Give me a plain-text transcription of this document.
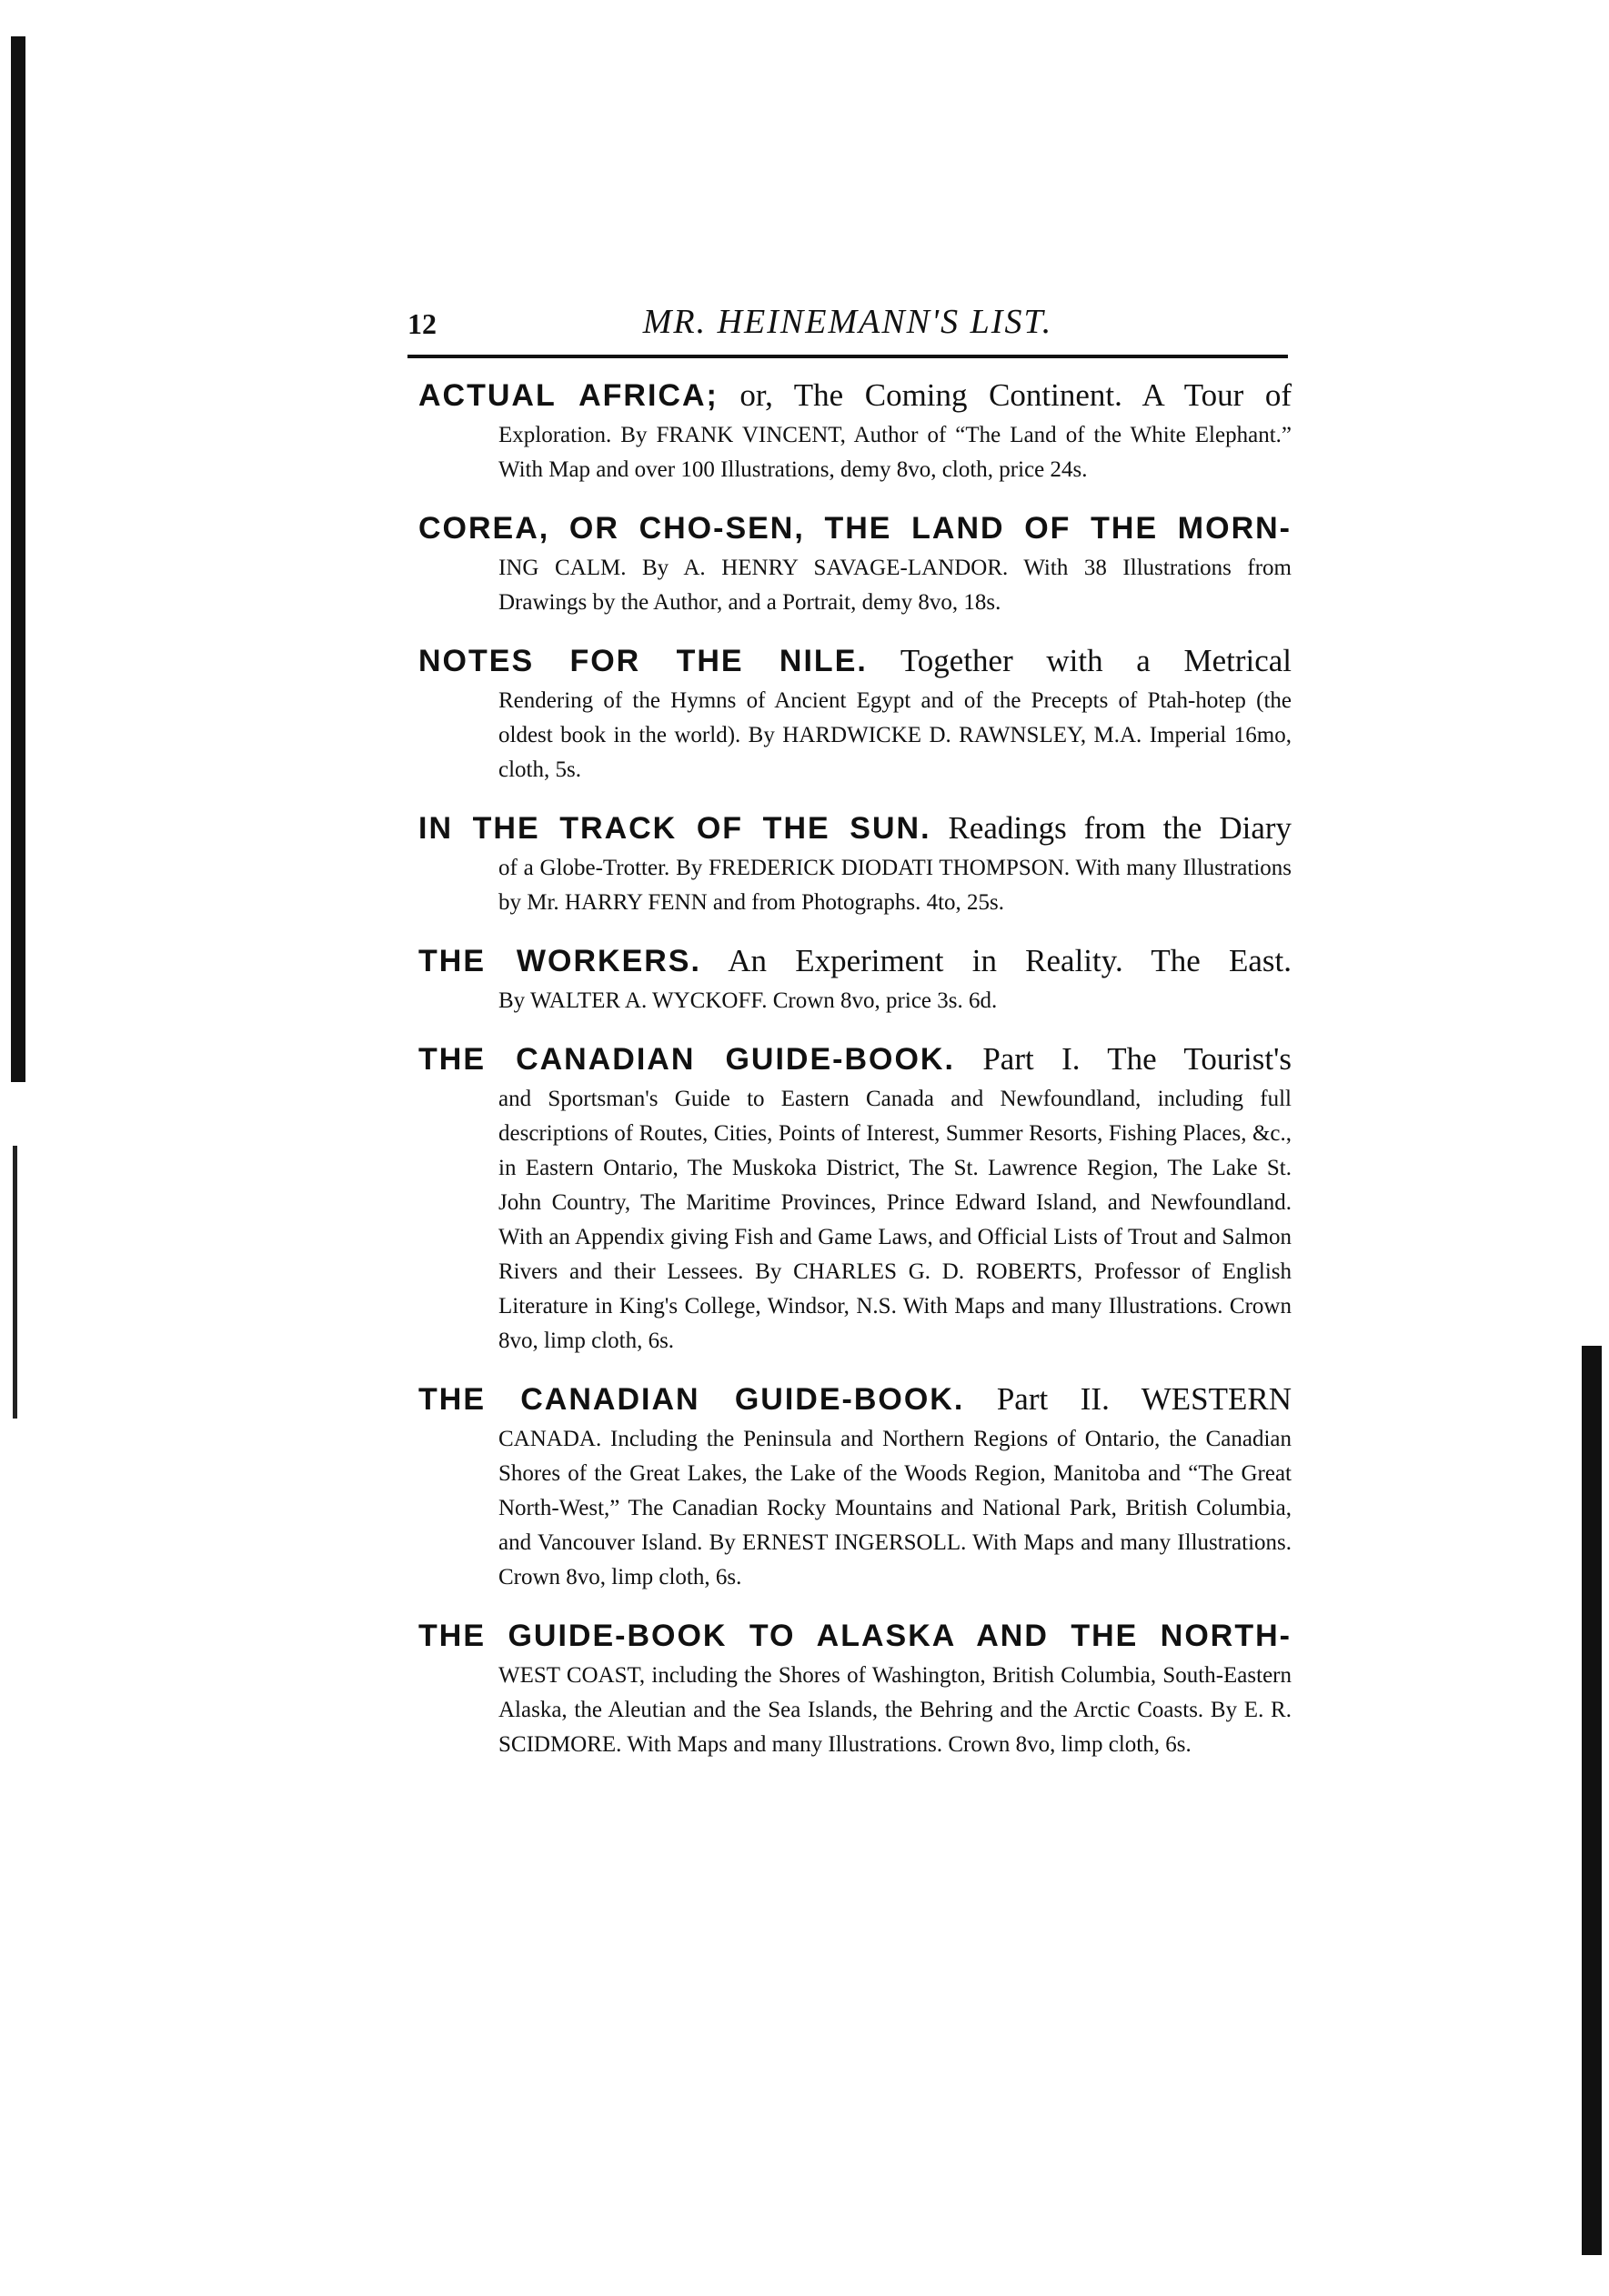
12	MR. HEINEMANN'S LIST.
ACTUAL AFRICA; or, The Coming Continent. A Tour of
Exploration. By FRANK VINCENT, Author of “The Land of the White Elephant.” With Map and over 100 Illustrations, demy 8vo, cloth, price 24s.
COREA, OR CHO-SEN, THE LAND OF THE MORN-
ING CALM. By A. HENRY SAVAGE-LANDOR. With 38 Illustrations from Drawings by the Author, and a Portrait, demy 8vo, 18s.
NOTES FOR THE NILE. Together with a Metrical
Rendering of the Hymns of Ancient Egypt and of the Precepts of Ptah-hotep (the oldest book in the world). By HARDWICKE D. RAWNSLEY, M.A. Imperial 16mo, cloth, 5s.
IN THE TRACK OF THE SUN. Readings from the Diary
of a Globe-Trotter. By FREDERICK DIODATI THOMPSON. With many Illustrations by Mr. HARRY FENN and from Photographs. 4to, 25s.
THE WORKERS. An Experiment in Reality. The East.
By WALTER A. WYCKOFF. Crown 8vo, price 3s. 6d.
THE CANADIAN GUIDE-BOOK. Part I. The Tourist's
and Sportsman's Guide to Eastern Canada and Newfoundland, including full descriptions of Routes, Cities, Points of Interest, Summer Resorts, Fishing Places, &c., in Eastern Ontario, The Muskoka District, The St. Lawrence Region, The Lake St. John Country, The Maritime Provinces, Prince Edward Island, and Newfoundland. With an Appendix giving Fish and Game Laws, and Official Lists of Trout and Salmon Rivers and their Lessees. By CHARLES G. D. ROBERTS, Professor of English Literature in King's College, Windsor, N.S. With Maps and many Illustrations. Crown 8vo, limp cloth, 6s.
THE CANADIAN GUIDE-BOOK. Part II. WESTERN
CANADA. Including the Peninsula and Northern Regions of Ontario, the Canadian Shores of the Great Lakes, the Lake of the Woods Region, Manitoba and “The Great North-West,” The Canadian Rocky Mountains and National Park, British Columbia, and Vancouver Island. By ERNEST INGERSOLL. With Maps and many Illustrations. Crown 8vo, limp cloth, 6s.
THE GUIDE-BOOK TO ALASKA AND THE NORTH-
WEST COAST, including the Shores of Washington, British Columbia, South-Eastern Alaska, the Aleutian and the Sea Islands, the Behring and the Arctic Coasts. By E. R. SCIDMORE. With Maps and many Illustrations. Crown 8vo, limp cloth, 6s.
